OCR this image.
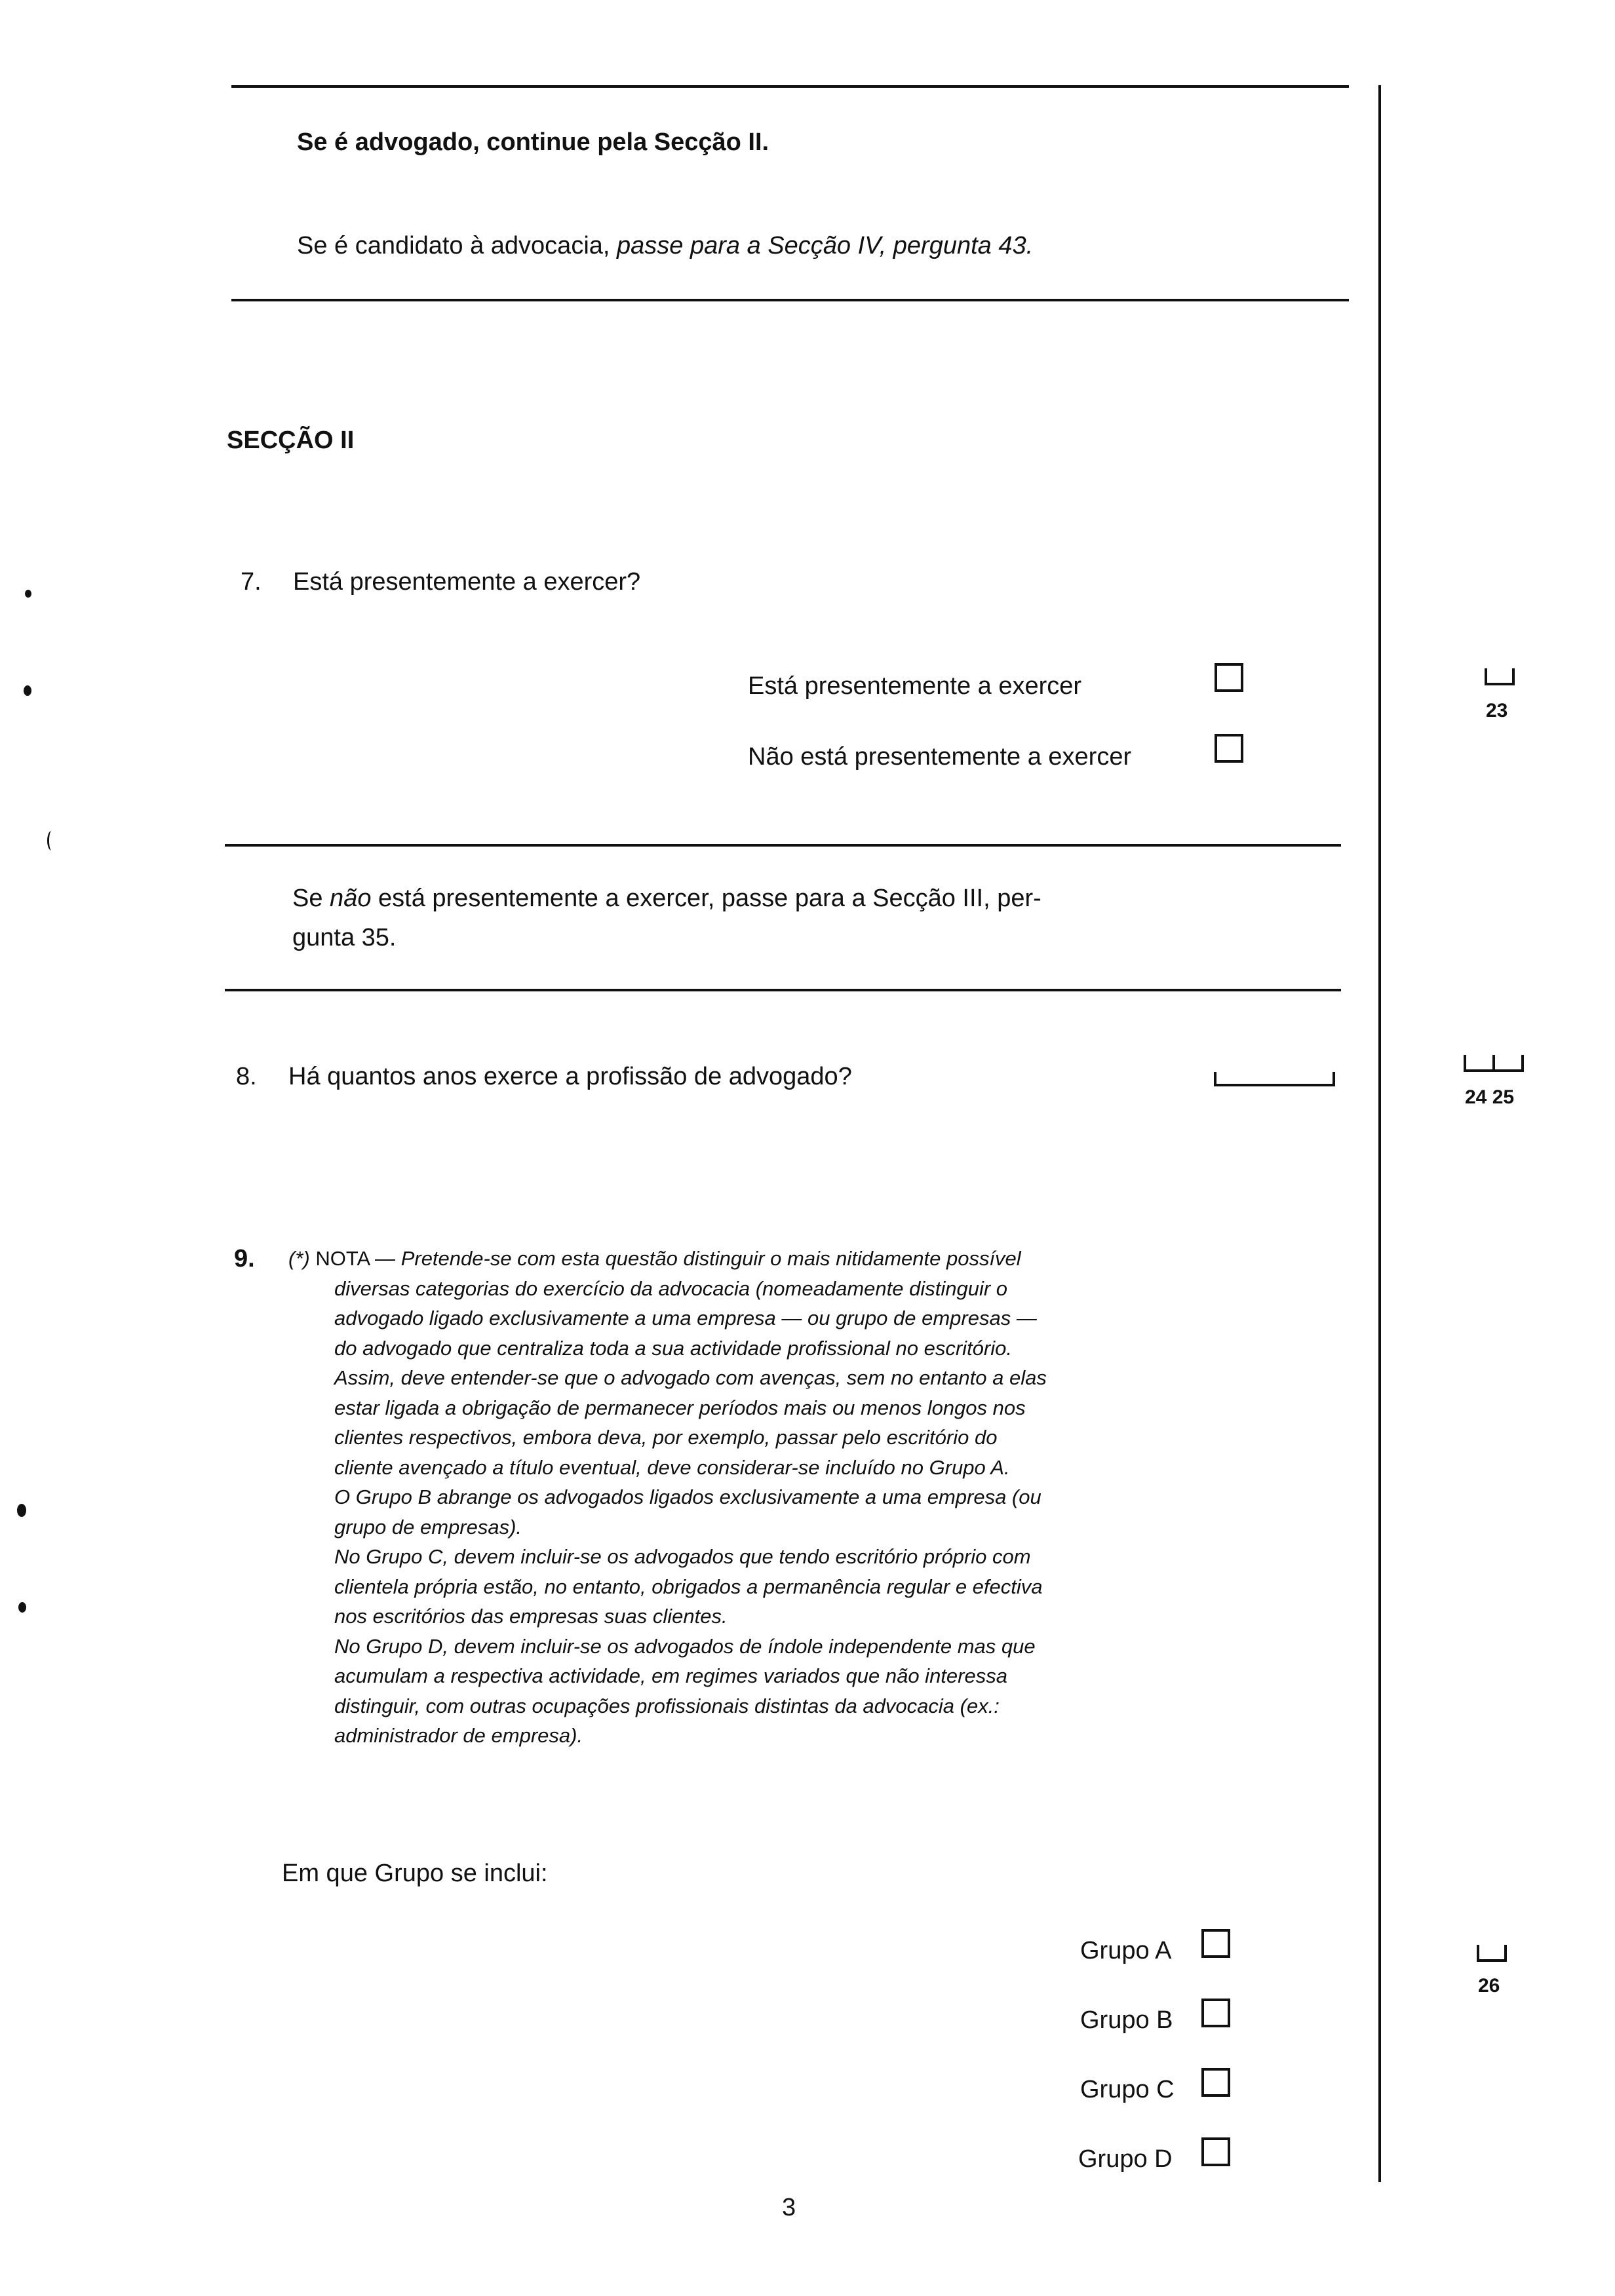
Se é advogado, continue pela Secção II.
Se é candidato à advocacia, passe para a Secção IV, pergunta 43.
SECÇÃO II
7. Está presentemente a exercer?
Está presentemente a exercer
Não está presentemente a exercer
23
Se não está presentemente a exercer, passe para a Secção III, per-
gunta 35.
8. Há quantos anos exerce a profissão de advogado?
24 25
9. (*) NOTA — Pretende-se com esta questão distinguir o mais nitidamente possível
diversas categorias do exercício da advocacia (nomeadamente distinguir o
advogado ligado exclusivamente a uma empresa — ou grupo de empresas —
do advogado que centraliza toda a sua actividade profissional no escritório.
Assim, deve entender-se que o advogado com avenças, sem no entanto a elas
estar ligada a obrigação de permanecer períodos mais ou menos longos nos
clientes respectivos, embora deva, por exemplo, passar pelo escritório do
cliente avençado a título eventual, deve considerar-se incluído no Grupo A.
O Grupo B abrange os advogados ligados exclusivamente a uma empresa (ou
grupo de empresas).
No Grupo C, devem incluir-se os advogados que tendo escritório próprio com
clientela própria estão, no entanto, obrigados a permanência regular e efectiva
nos escritórios das empresas suas clientes.
No Grupo D, devem incluir-se os advogados de índole independente mas que
acumulam a respectiva actividade, em regimes variados que não interessa
distinguir, com outras ocupações profissionais distintas da advocacia (ex.:
administrador de empresa).
Em que Grupo se inclui:
Grupo A
Grupo B
Grupo C
Grupo D
26
3
